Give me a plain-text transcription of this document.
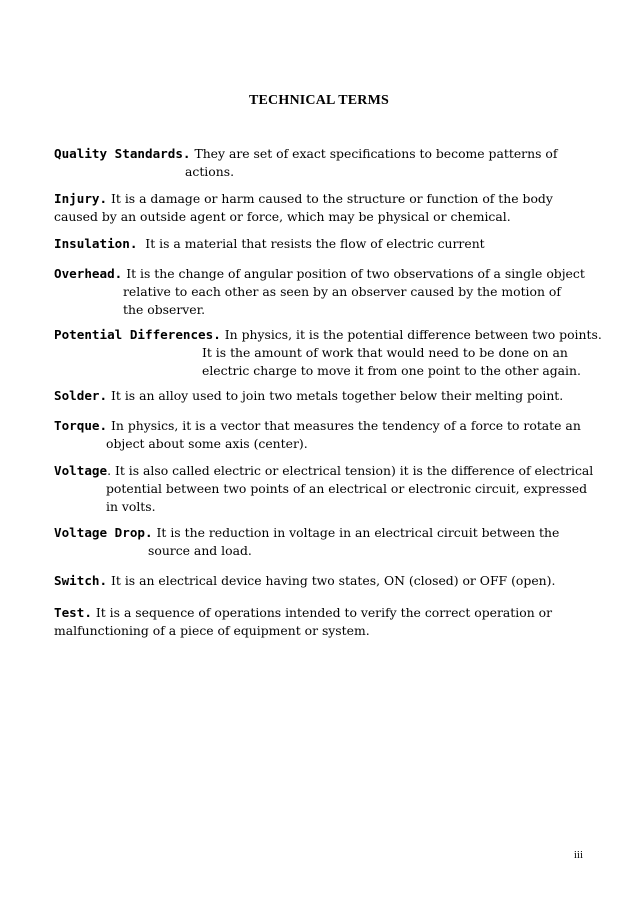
TECHNICAL TERMS
Quality Standards. They are set of exact specifications to become patterns of
actions.
Injury. It is a damage or harm caused to the structure or function of the body
caused by an outside agent or force, which may be physical or chemical.
Insulation. It is a material that resists the flow of electric current
Overhead. It is the change of angular position of two observations of a single object
relative to each other as seen by an observer caused by the motion of
the observer.
Potential Differences. In physics, it is the potential difference between two points.
It is the amount of work that would need to be done on an
electric charge to move it from one point to the other again.
Solder. It is an alloy used to join two metals together below their melting point.
Torque. In physics, it is a vector that measures the tendency of a force to rotate an
object about some axis (center).
Voltage. It is also called electric or electrical tension) it is the difference of electrical
potential between two points of an electrical or electronic circuit, expressed
in volts.
Voltage Drop. It is the reduction in voltage in an electrical circuit between the
source and load.
Switch. It is an electrical device having two states, ON (closed) or OFF (open).
Test. It is a sequence of operations intended to verify the correct operation or
malfunctioning of a piece of equipment or system.
iii
